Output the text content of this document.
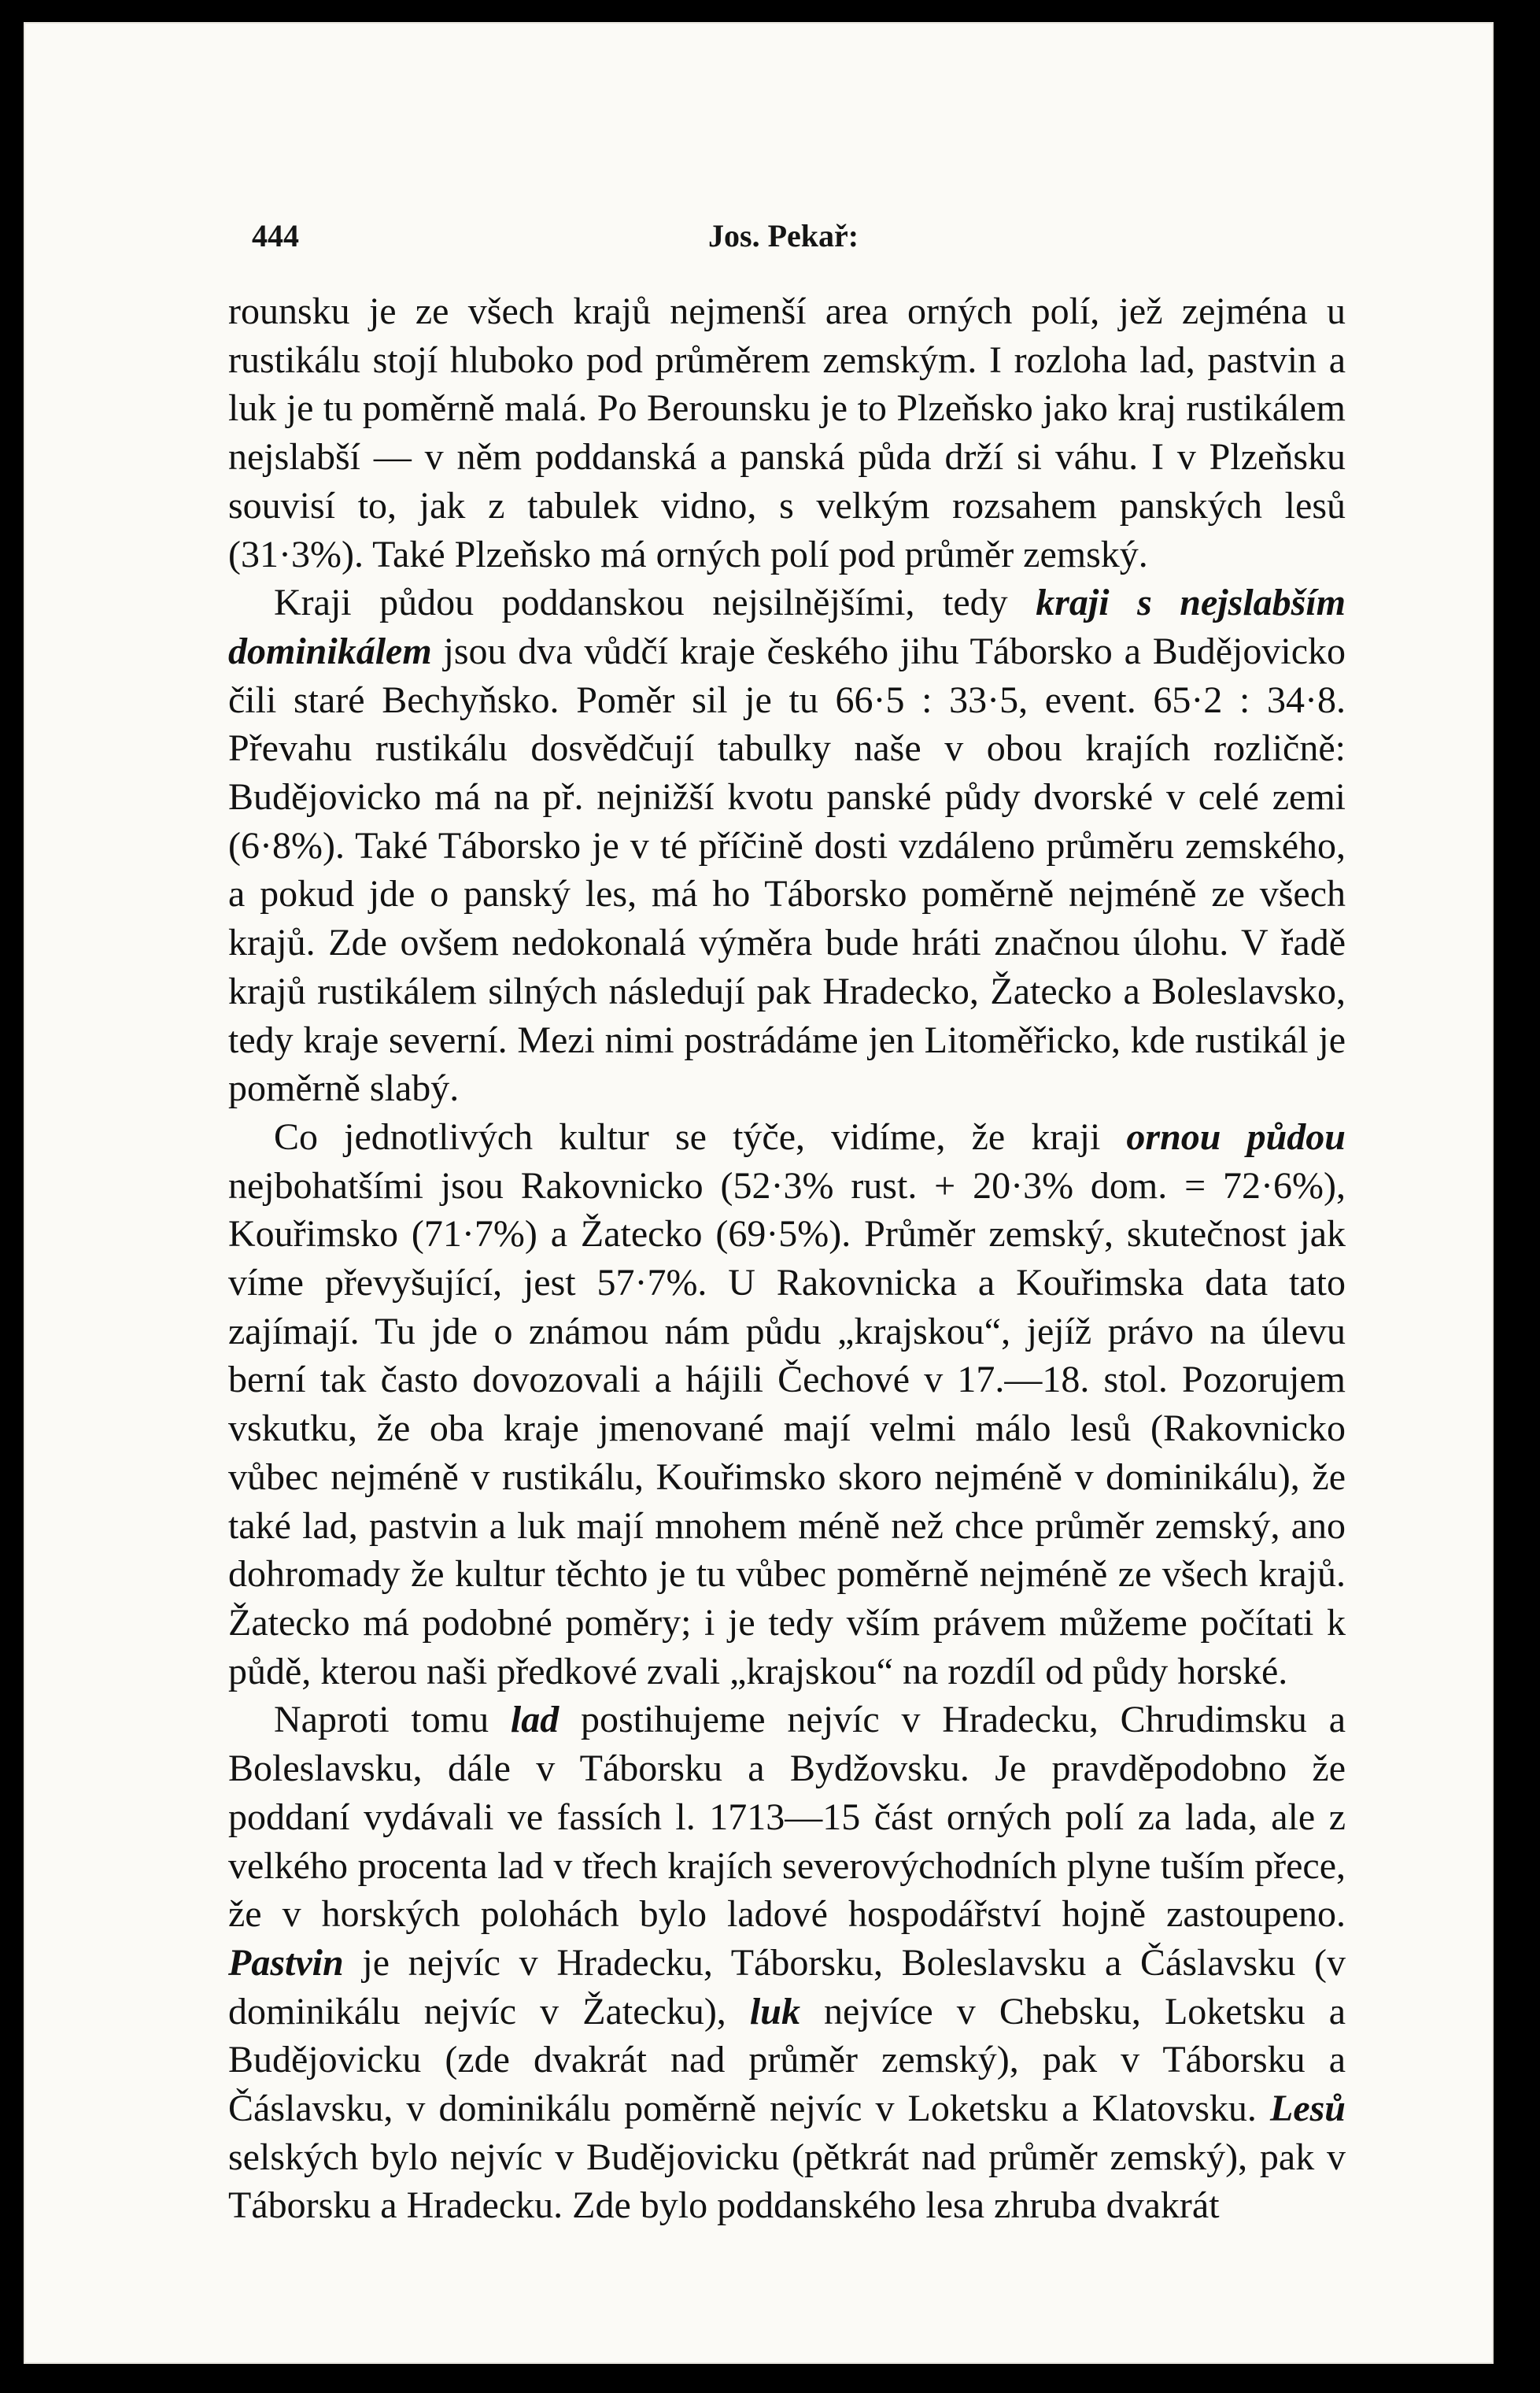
444	Jos. Pekař:

rounsku je ze všech krajů nejmenší area orných polí, jež zejména u rustikálu stojí hluboko pod průměrem zemským. I rozloha lad, pastvin a luk je tu poměrně malá. Po Berounsku je to Plzeňsko jako kraj rustikálem nejslabší — v něm poddanská a panská půda drží si váhu. I v Plzeňsku souvisí to, jak z tabulek vidno, s velkým rozsahem panských lesů (31·3%). Také Plzeňsko má orných polí pod průměr zemský.

Kraji půdou poddanskou nejsilnějšími, tedy kraji s nejslabším dominikálem jsou dva vůdčí kraje českého jihu Táborsko a Budějovicko čili staré Bechyňsko. Poměr sil je tu 66·5 : 33·5, event. 65·2 : 34·8. Převahu rustikálu dosvědčují tabulky naše v obou krajích rozličně: Budějovicko má na př. nejnižší kvotu panské půdy dvorské v celé zemi (6·8%). Také Táborsko je v té příčině dosti vzdáleno průměru zemského, a pokud jde o panský les, má ho Táborsko poměrně nejméně ze všech krajů. Zde ovšem nedokonalá výměra bude hráti značnou úlohu. V řadě krajů rustikálem silných následují pak Hradecko, Žatecko a Boleslavsko, tedy kraje severní. Mezi nimi postrádáme jen Litoměřicko, kde rustikál je poměrně slabý.

Co jednotlivých kultur se týče, vidíme, že kraji ornou půdou nejbohatšími jsou Rakovnicko (52·3% rust. + 20·3% dom. = 72·6%), Kouřimsko (71·7%) a Žatecko (69·5%). Průměr zemský, skutečnost jak víme převyšující, jest 57·7%. U Rakovnicka a Kouřimska data tato zajímají. Tu jde o známou nám půdu „krajskou“, jejíž právo na úlevu berní tak často dovozovali a hájili Čechové v 17.—18. stol. Pozorujem vskutku, že oba kraje jmenované mají velmi málo lesů (Rakovnicko vůbec nejméně v rustikálu, Kouřimsko skoro nejméně v dominikálu), že také lad, pastvin a luk mají mnohem méně než chce průměr zemský, ano dohromady že kultur těchto je tu vůbec poměrně nejméně ze všech krajů. Žatecko má podobné poměry; i je tedy vším právem můžeme počítati k půdě, kterou naši předkové zvali „krajskou“ na rozdíl od půdy horské.

Naproti tomu lad postihujeme nejvíc v Hradecku, Chrudimsku a Boleslavsku, dále v Táborsku a Bydžovsku. Je pravděpodobno že poddaní vydávali ve fassích l. 1713—15 část orných polí za lada, ale z velkého procenta lad v třech krajích severovýchodních plyne tuším přece, že v horských polohách bylo ladové hospodářství hojně zastoupeno. Pastvin je nejvíc v Hradecku, Táborsku, Boleslavsku a Čáslavsku (v dominikálu nejvíc v Žatecku), luk nejvíce v Chebsku, Loketsku a Budějovicku (zde dvakrát nad průměr zemský), pak v Táborsku a Čáslavsku, v dominikálu poměrně nejvíc v Loketsku a Klatovsku. Lesů selských bylo nejvíc v Budějovicku (pětkrát nad průměr zemský), pak v Táborsku a Hradecku. Zde bylo poddanského lesa zhruba dvakrát
